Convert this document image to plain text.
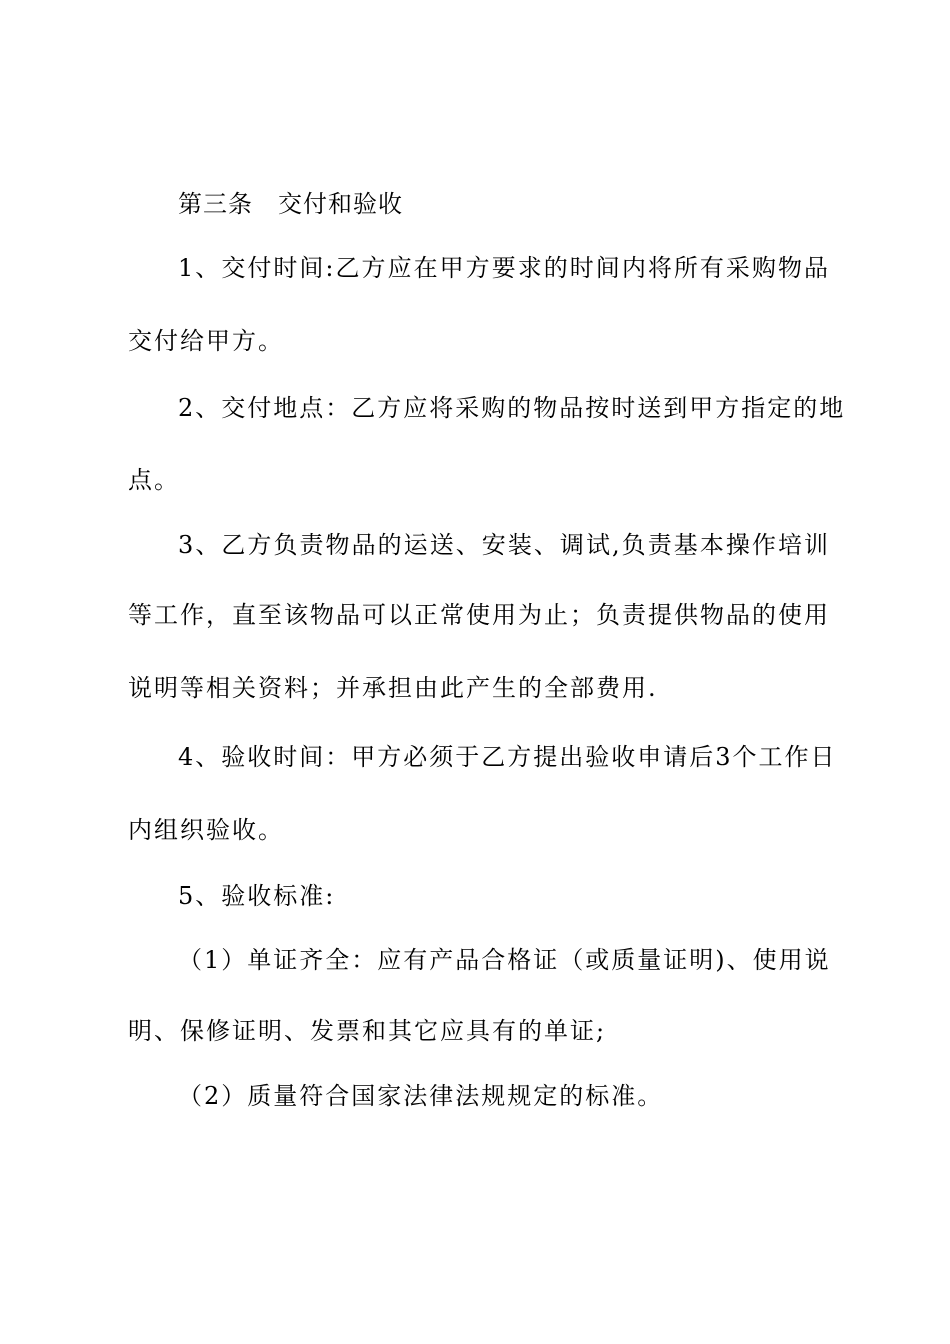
第三条　交付和验收
1、交付时间:乙方应在甲方要求的时间内将所有采购物品
交付给甲方。
2、交付地点：乙方应将采购的物品按时送到甲方指定的地
点。
3、乙方负责物品的运送、安装、调试,负责基本操作培训
等工作，直至该物品可以正常使用为止；负责提供物品的使用
说明等相关资料；并承担由此产生的全部费用.
4、验收时间：甲方必须于乙方提出验收申请后3个工作日
内组织验收。
5、验收标准:
（1）单证齐全：应有产品合格证（或质量证明)、使用说
明、保修证明、发票和其它应具有的单证;
（2）质量符合国家法律法规规定的标准。
